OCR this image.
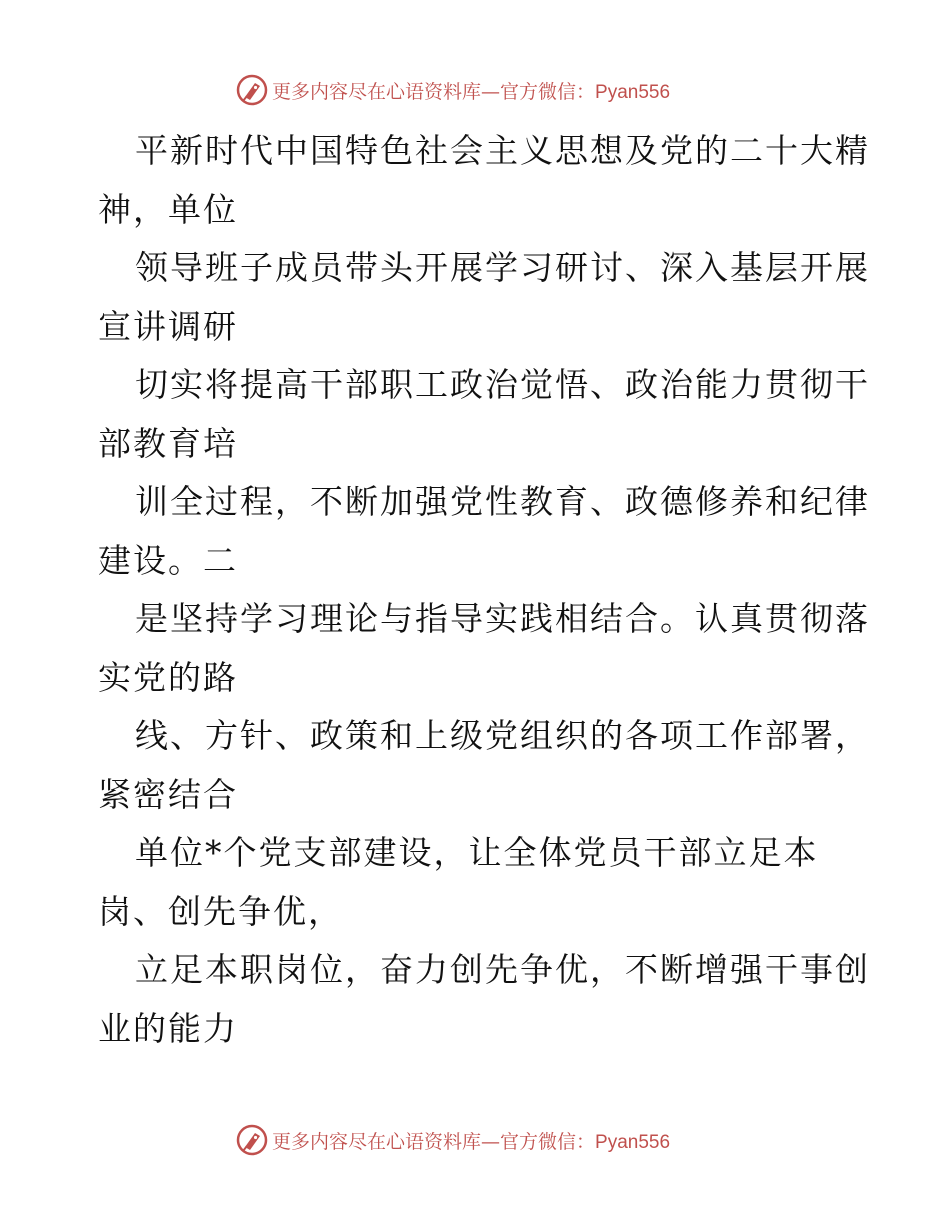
更多内容尽在心语资料库—官方微信：Pyan556
平新时代中国特色社会主义思想及党的二十大精
神，单位
领导班子成员带头开展学习研讨、深入基层开展
宣讲调研
切实将提高干部职工政治觉悟、政治能力贯彻干
部教育培
训全过程，不断加强党性教育、政德修养和纪律
建设。二
是坚持学习理论与指导实践相结合。认真贯彻落
实党的路
线、方针、政策和上级党组织的各项工作部署，
紧密结合
单位*个党支部建设，让全体党员干部立足本
岗、创先争优，
立足本职岗位，奋力创先争优，不断增强干事创
业的能力
更多内容尽在心语资料库—官方微信：Pyan556
